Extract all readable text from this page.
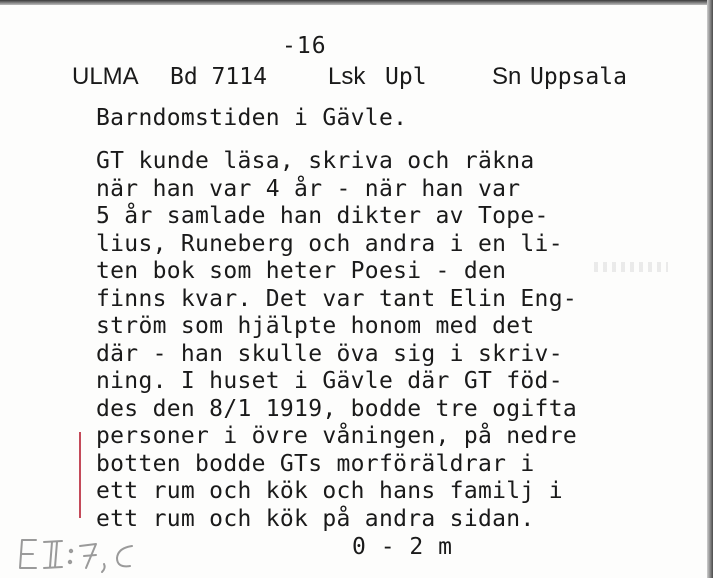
-16
ULMA Bd 7114	Lsk Upl	Sn Uppsala
Barndomstiden i Gävle.
GT kunde läsa, skriva och räkna
när han var 4 år - när han var
5 år samlade han dikter av Tope-
lius, Runeberg och andra i en li-
ten bok som heter Poesi - den
finns kvar. Det var tant Elin Eng-
ström som hjälpte honom med det
där - han skulle öva sig i skriv-
ning. I huset i Gävle där GT föd-
des den 8/1 1919, bodde tre ogifta
personer i övre våningen, på nedre
botten bodde GTs morföräldrar i
ett rum och kök och hans familj i
ett rum och kök på andra sidan.
0 - 2 m
